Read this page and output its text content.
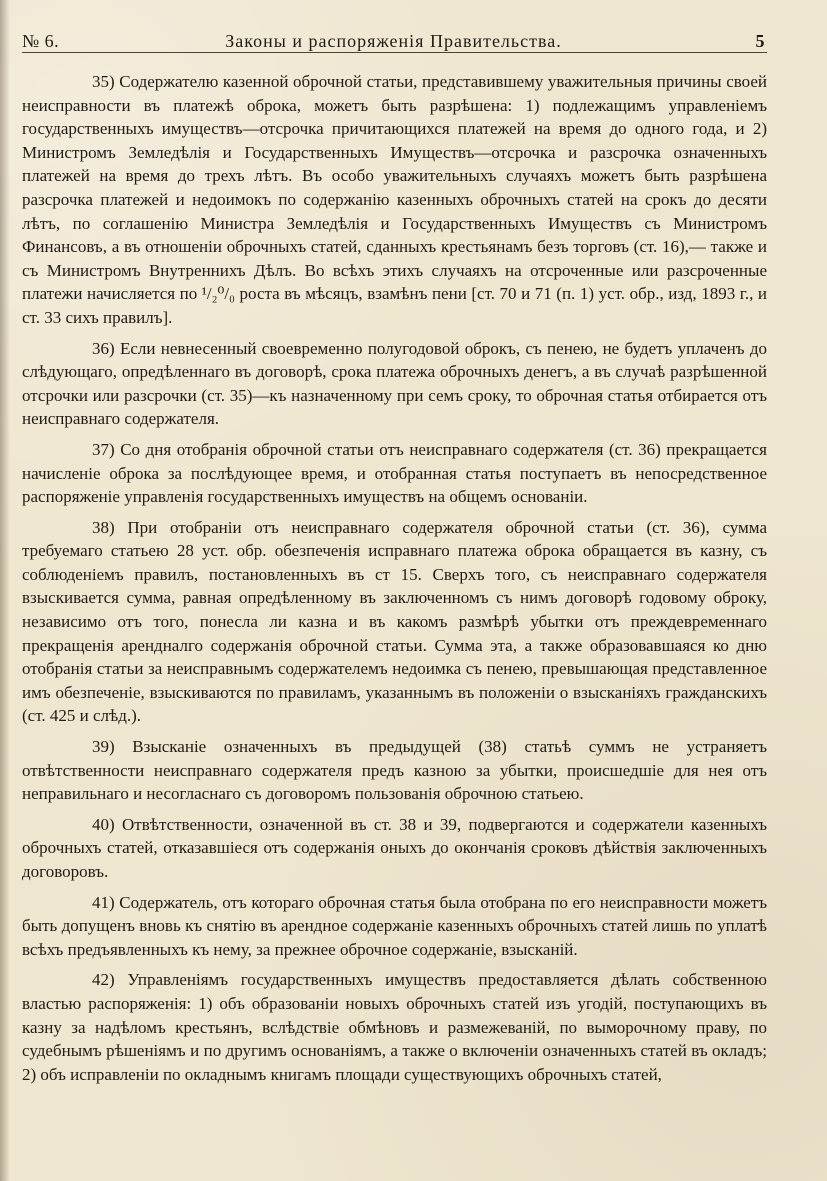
№ 6.	Законы и распоряженія Правительства.	5

35) Содержателю казенной оброчной статьи, представившему уважительныя причины своей неисправности въ платежѣ оброка, можетъ быть разрѣшена: 1) подлежащимъ управленіемъ государственныхъ имуществъ—отсрочка причитающихся платежей на время до одного года, и 2) Министромъ Земледѣлія и Государственныхъ Имуществъ—отсрочка и разсрочка означенныхъ платежей на время до трехъ лѣтъ. Въ особо уважительныхъ случаяхъ можетъ быть разрѣшена разсрочка платежей и недоимокъ по содержанію казенныхъ оброчныхъ статей на срокъ до десяти лѣтъ, по соглашенію Министра Земледѣлія и Государственныхъ Имуществъ съ Министромъ Финансовъ, а въ отношеніи оброчныхъ статей, сданныхъ крестьянамъ безъ торговъ (ст. 16),— также и съ Министромъ Внутреннихъ Дѣлъ. Во всѣхъ этихъ случаяхъ на отсроченные или разсроченные платежи начисляется по ¹/₂⁰/₀ роста въ мѣсяцъ, взамѣнъ пени [ст. 70 и 71 (п. 1) уст. обр., изд, 1893 г., и ст. 33 сихъ правилъ].

36) Если невнесенный своевременно полугодовой оброкъ, съ пенею, не будетъ уплаченъ до слѣдующаго, опредѣленнаго въ договорѣ, срока платежа оброчныхъ денегъ, а въ случаѣ разрѣшенной отсрочки или разсрочки (ст. 35)—къ назначенному при семъ сроку, то оброчная статья отбирается отъ неисправнаго содержателя.

37) Со дня отобранія оброчной статьи отъ неисправнаго содержателя (ст. 36) прекращается начисленіе оброка за послѣдующее время, и отобранная статья поступаетъ въ непосредственное распоряженіе управленія государственныхъ имуществъ на общемъ основаніи.

38) При отобраніи отъ неисправнаго содержателя оброчной статьи (ст. 36), сумма требуемаго статьею 28 уст. обр. обезпеченія исправнаго платежа оброка обращается въ казну, съ соблюденіемъ правилъ, постановленныхъ въ ст 15. Сверхъ того, съ неисправнаго содержателя взыскивается сумма, равная опредѣленному въ заключенномъ съ нимъ договорѣ годовому оброку, независимо отъ того, понесла ли казна и въ какомъ размѣрѣ убытки отъ преждевременнаго прекращенія арендналго содержанія оброчной статьи. Сумма эта, а также образовавшаяся ко дню отобранія статьи за неисправнымъ содержателемъ недоимка съ пенею, превышающая представленное имъ обезпеченіе, взыскиваются по правиламъ, указаннымъ въ положеніи о взысканіяхъ гражданскихъ (ст. 425 и слѣд.).

39) Взысканіе означенныхъ въ предыдущей (38) статьѣ суммъ не устраняетъ отвѣтственности неисправнаго содержателя предъ казною за убытки, происшедшіе для нея отъ неправильнаго и несогласнаго съ договоромъ пользованія оброчною статьею.

40) Отвѣтственности, означенной въ ст. 38 и 39, подвергаются и содержатели казенныхъ оброчныхъ статей, отказавшіеся отъ содержанія оныхъ до окончанія сроковъ дѣйствія заключенныхъ договоровъ.

41) Содержатель, отъ котораго оброчная статья была отобрана по его неисправности можетъ быть допущенъ вновь къ снятію въ арендное содержаніе казенныхъ оброчныхъ статей лишь по уплатѣ всѣхъ предъявленныхъ къ нему, за прежнее оброчное содержаніе, взысканій.

42) Управленіямъ государственныхъ имуществъ предоставляется дѣлать собственною властью распоряженія: 1) объ образованіи новыхъ оброчныхъ статей изъ угодій, поступающихъ въ казну за надѣломъ крестьянъ, вслѣдствіе обмѣновъ и размежеваній, по выморочному праву, по судебнымъ рѣшеніямъ и по другимъ основаніямъ, а также о включеніи означенныхъ статей въ окладъ; 2) объ исправленіи по окладнымъ книгамъ площади существующихъ оброчныхъ статей,
